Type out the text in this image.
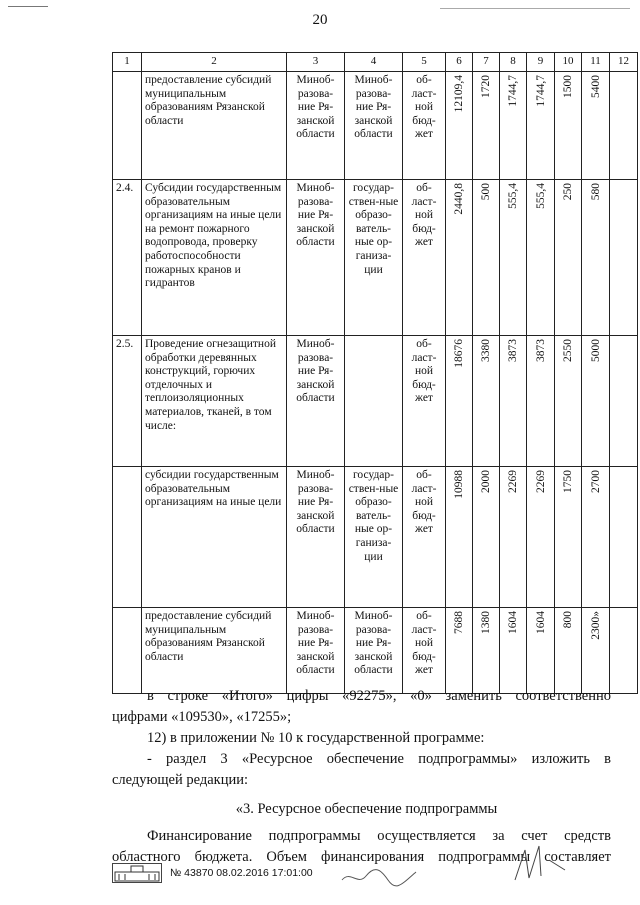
20
1	2	3	4	5	6	7	8	9	10	11	12
	предоставление субсидий муниципальным образованиям Рязанской области	Миноб-разова-ние Ря-занской области	Миноб-разова-ние Ря-занской области	об-ласт-ной бюд-жет	12109,4	1720	1744,7	1744,7	1500	5400	
2.4.	Субсидии государственным образовательным организациям на иные цели на ремонт пожарного водопровода, проверку работоспособности пожарных кранов и гидрантов	Миноб-разова-ние Ря-занской области	государ-ствен-ные образо-ватель-ные ор-ганиза-ции	об-ласт-ной бюд-жет	2440,8	500	555,4	555,4	250	580	
2.5.	Проведение огнезащитной обработки деревянных конструкций, горючих отделочных и теплоизоляционных материалов, тканей, в том числе:	Миноб-разова-ние Ря-занской области		об-ласт-ной бюд-жет	18676	3380	3873	3873	2550	5000	
	субсидии государственным образовательным организациям на иные цели	Миноб-разова-ние Ря-занской области	государ-ствен-ные образо-ватель-ные ор-ганиза-ции	об-ласт-ной бюд-жет	10988	2000	2269	2269	1750	2700	
	предоставление субсидий муниципальным образованиям Рязанской области	Миноб-разова-ние Ря-занской области	Миноб-разова-ние Ря-занской области	об-ласт-ной бюд-жет	7688	1380	1604	1604	800	2300»	
в строке «Итого» цифры «92275», «0» заменить соответственно
цифрами «109530», «17255»;
12) в приложении № 10 к государственной программе:
- раздел 3 «Ресурсное обеспечение подпрограммы» изложить в
следующей редакции:
«3. Ресурсное обеспечение подпрограммы
Финансирование подпрограммы осуществляется за счет средств
областного бюджета. Объем финансирования подпрограммы составляет
№ 43870 08.02.2016 17:01:00
